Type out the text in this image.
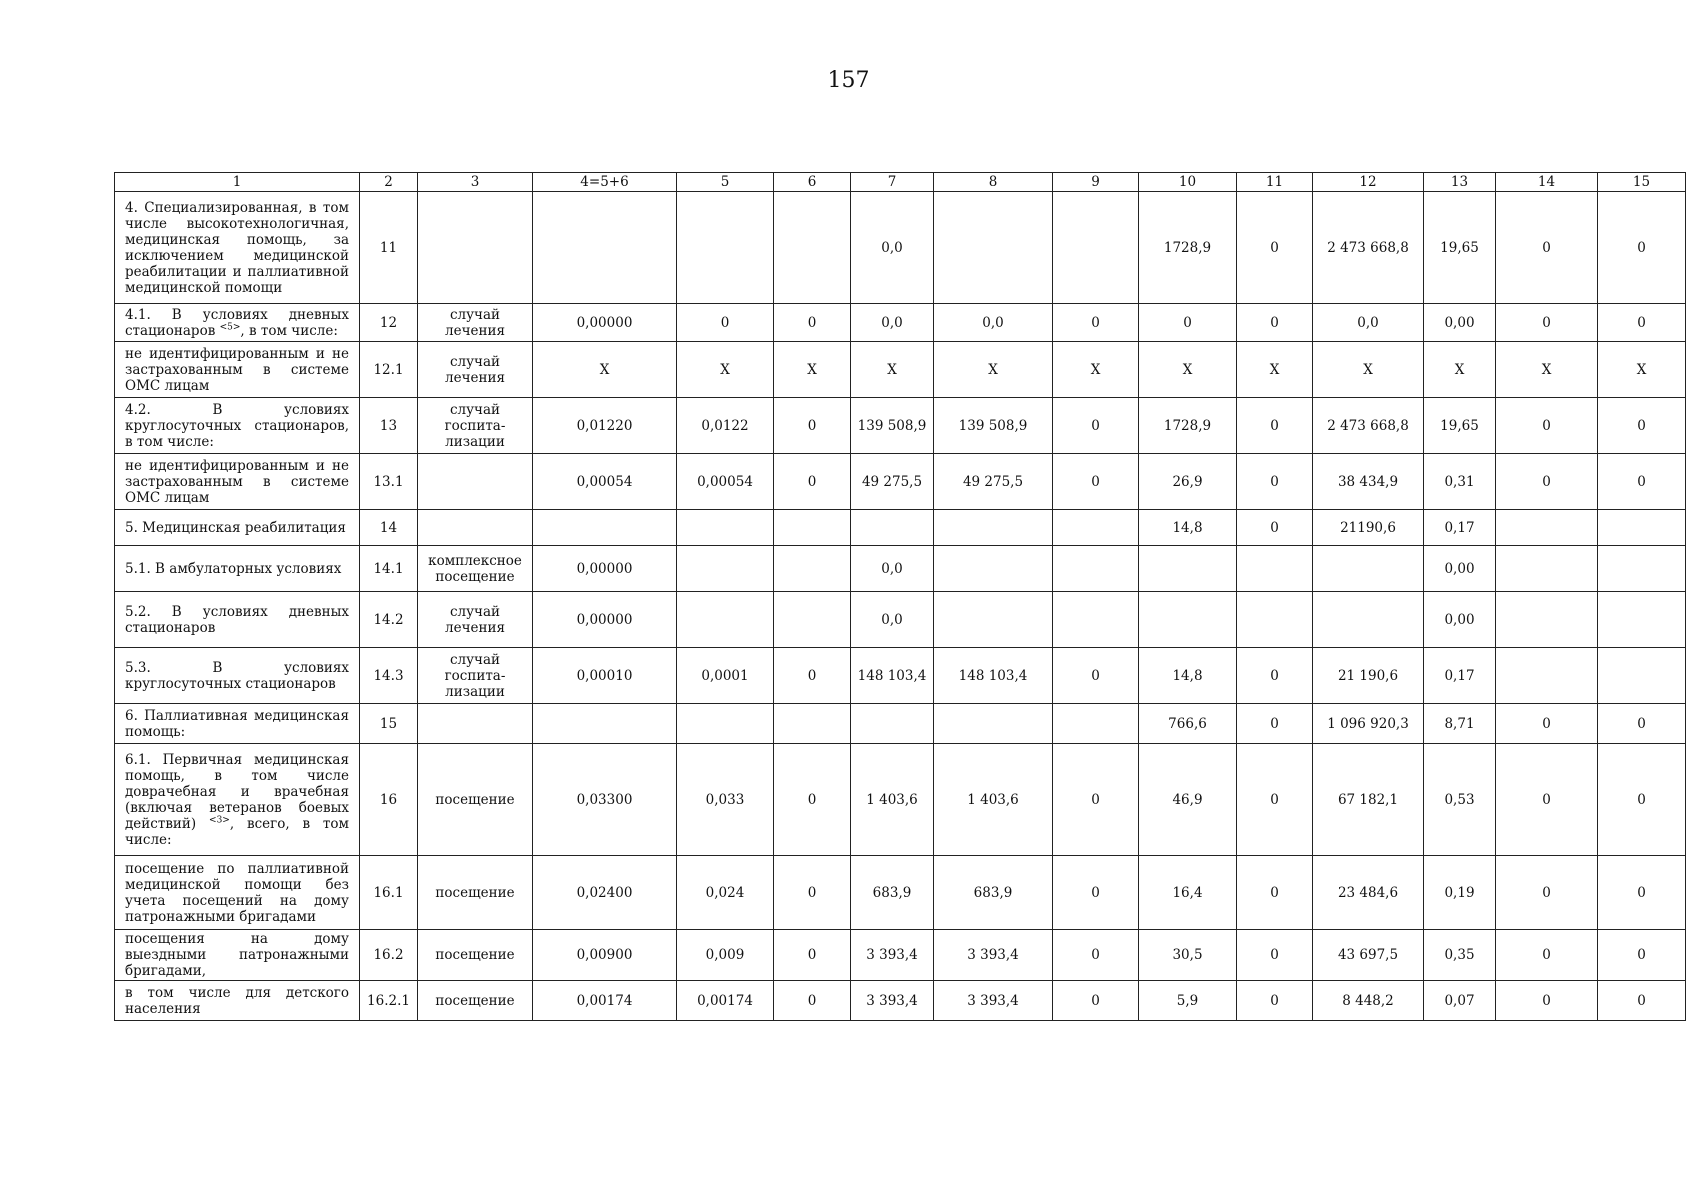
157
1	2	3	4=5+6	5	6	7	8	9	10	11	12	13	14	15
4. Специализированная, в том числе высокотехнологичная, медицинская помощь, за исключением медицинской реабилитации и паллиативной медицинской помощи	11					0,0			1728,9	0	2 473 668,8	19,65	0	0
4.1. В условиях дневных стационаров $^{<5>}$, в том числе:	12	случай лечения	0,00000	0	0	0,0	0,0	0	0	0	0,0	0,00	0	0
не идентифицированным и не застрахованным в системе ОМС лицам	12.1	случай лечения	X	X	X	X	X	X	X	X	X	X	X	X
4.2. В условиях круглосуточных стационаров, в том числе:	13	случай госпита-лизации	0,01220	0,0122	0	139 508,9	139 508,9	0	1728,9	0	2 473 668,8	19,65	0	0
не идентифицированным и не застрахованным в системе ОМС лицам	13.1		0,00054	0,00054	0	49 275,5	49 275,5	0	26,9	0	38 434,9	0,31	0	0
5. Медицинская реабилитация	14								14,8	0	21190,6	0,17		
5.1. В амбулаторных условиях	14.1	комплексное посещение	0,00000			0,0						0,00		
5.2. В условиях дневных стационаров	14.2	случай лечения	0,00000			0,0						0,00		
5.3. В условиях круглосуточных стационаров	14.3	случай госпита-лизации	0,00010	0,0001	0	148 103,4	148 103,4	0	14,8	0	21 190,6	0,17		
6. Паллиативная медицинская помощь:	15								766,6	0	1 096 920,3	8,71	0	0
6.1. Первичная медицинская помощь, в том числе доврачебная и врачебная (включая ветеранов боевых действий) $^{<3>}$, всего, в том числе:	16	посещение	0,03300	0,033	0	1 403,6	1 403,6	0	46,9	0	67 182,1	0,53	0	0
посещение по паллиативной медицинской помощи без учета посещений на дому патронажными бригадами	16.1	посещение	0,02400	0,024	0	683,9	683,9	0	16,4	0	23 484,6	0,19	0	0
посещения на дому выездными патронажными бригадами,	16.2	посещение	0,00900	0,009	0	3 393,4	3 393,4	0	30,5	0	43 697,5	0,35	0	0
в том числе для детского населения	16.2.1	посещение	0,00174	0,00174	0	3 393,4	3 393,4	0	5,9	0	8 448,2	0,07	0	0
